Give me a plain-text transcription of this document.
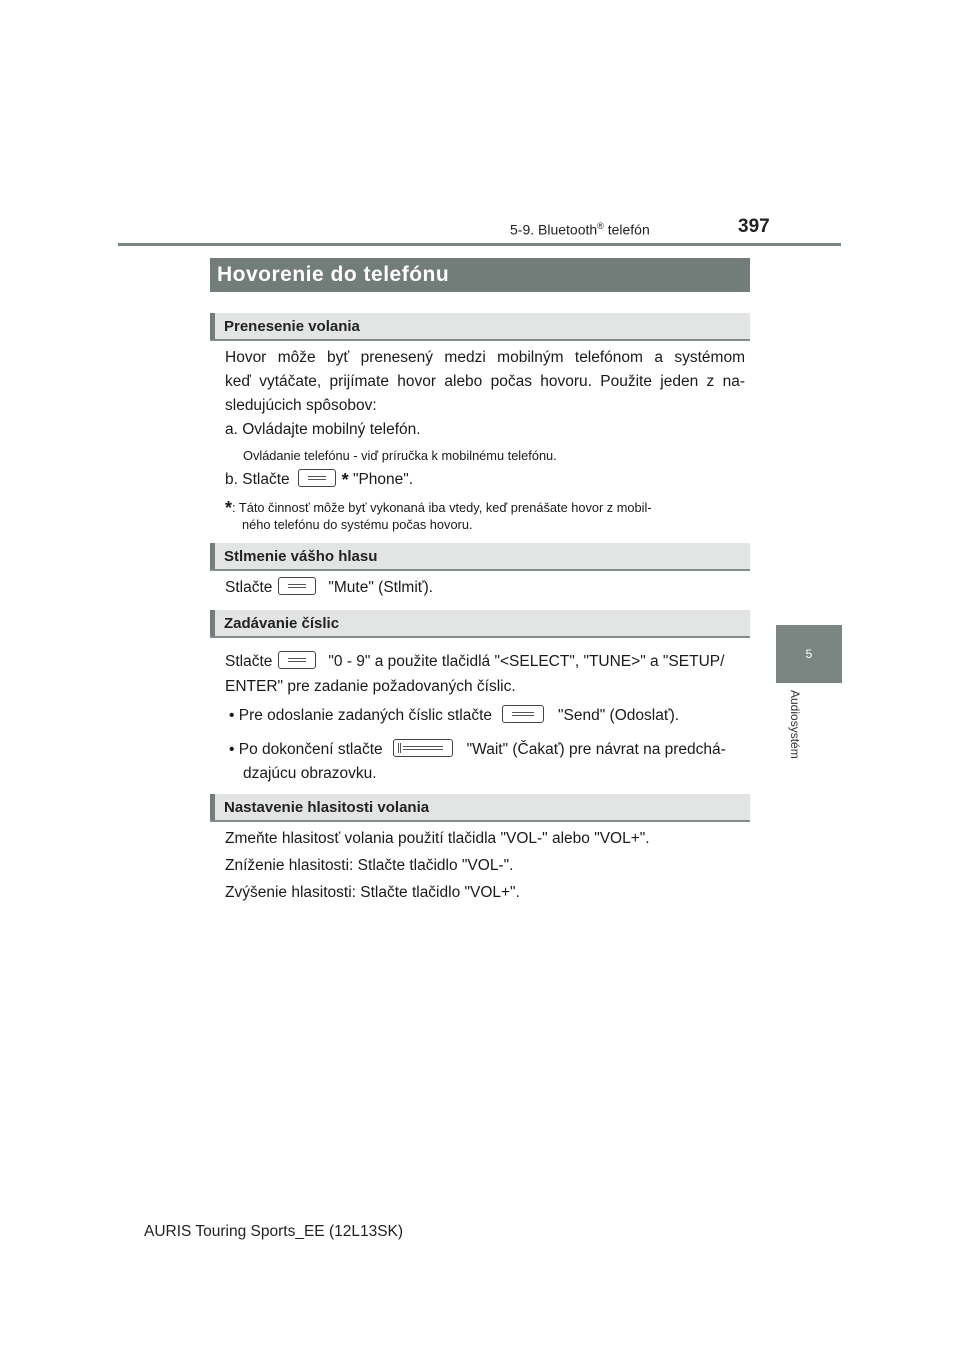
5-9. Bluetooth® telefón	397
5
Audiosystém
Hovorenie do telefónu
Prenesenie volania
Hovor môže byť prenesený medzi mobilným telefónom a systémom
keď vytáčate, prijímate hovor alebo počas hovoru. Použite jeden z na-
sledujúcich spôsobov:
a. Ovládajte mobilný telefón.
Ovládanie telefónu - viď príručka k mobilnému telefónu.
b. Stlačte	* "Phone".
*: Táto činnosť môže byť vykonaná iba vtedy, keď prenášate hovor z mobil-
ného telefónu do systému počas hovoru.
Stlmenie vášho hlasu
Stlačte	"Mute" (Stlmiť).
Zadávanie číslic
Stlačte	"0 - 9" a použite tlačidlá "<SELECT", "TUNE>" a "SETUP/
ENTER" pre zadanie požadovaných číslic.
• Pre odoslanie zadaných číslic stlačte	"Send" (Odoslať).
• Po dokončení stlačte	"Wait" (Čakať) pre návrat na predchá-
dzajúcu obrazovku.
Nastavenie hlasitosti volania
Zmeňte hlasitosť volania použití tlačidla "VOL-" alebo "VOL+".
Zníženie hlasitosti: Stlačte tlačidlo "VOL-".
Zvýšenie hlasitosti: Stlačte tlačidlo "VOL+".
AURIS Touring Sports_EE (12L13SK)
